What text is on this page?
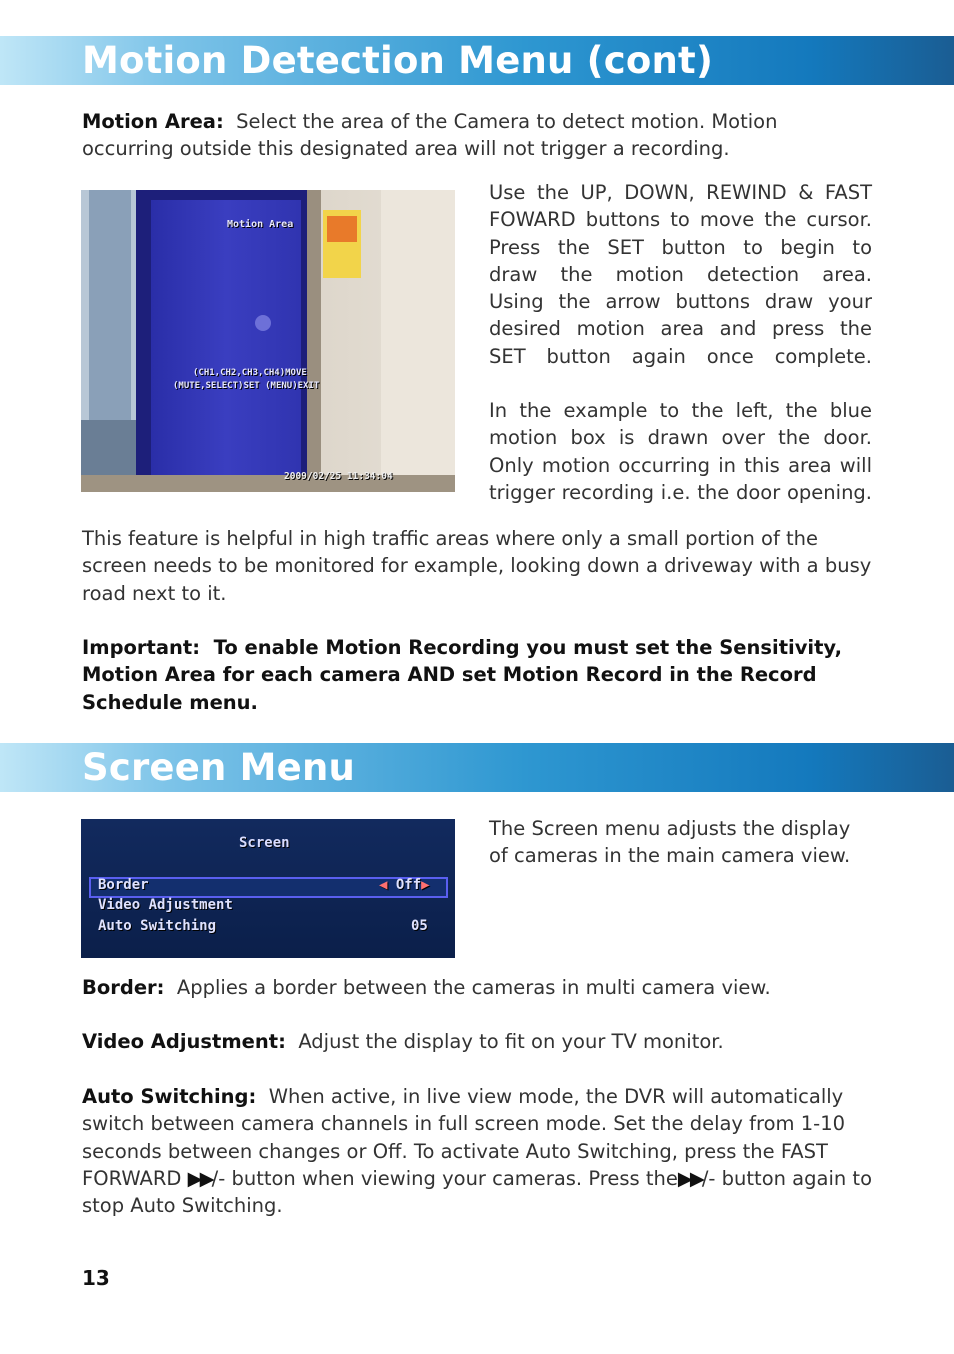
Motion Detection Menu (cont)
Motion Area: Select the area of the Camera to detect motion. Motion occurring outside this designated area will not trigger a recording.
Motion Area
(CH1,CH2,CH3,CH4)MOVE
(MUTE,SELECT)SET (MENU)EXIT
2009/02/25 11:34:04
Use the UP, DOWN, REWIND & FAST
FOWARD buttons to move the cursor.
Press the SET button to begin to
draw the motion detection area.
Using the arrow buttons draw your
desired motion area and press the
SET button again once complete.
In the example to the left, the blue
motion box is drawn over the door.
Only motion occurring in this area will
trigger recording i.e. the door opening.
This feature is helpful in high traffic areas where only a small portion of the screen needs to be monitored for example, looking down a driveway with a busy road next to it.
Important: To enable Motion Recording you must set the Sensitivity, Motion Area for each camera AND set Motion Record in the Record Schedule menu.
Screen Menu
Screen
Border	◀ Off▶
Video Adjustment
Auto Switching	05
The Screen menu adjusts the display of cameras in the main camera view.
Border: Applies a border between the cameras in multi camera view.
Video Adjustment: Adjust the display to fit on your TV monitor.
Auto Switching: When active, in live view mode, the DVR will automatically switch between camera channels in full screen mode. Set the delay from 1-10 seconds between changes or Off. To activate Auto Switching, press the FAST FORWARD ▶▶/- button when viewing your cameras. Press the▶▶/- button again to stop Auto Switching.
13
